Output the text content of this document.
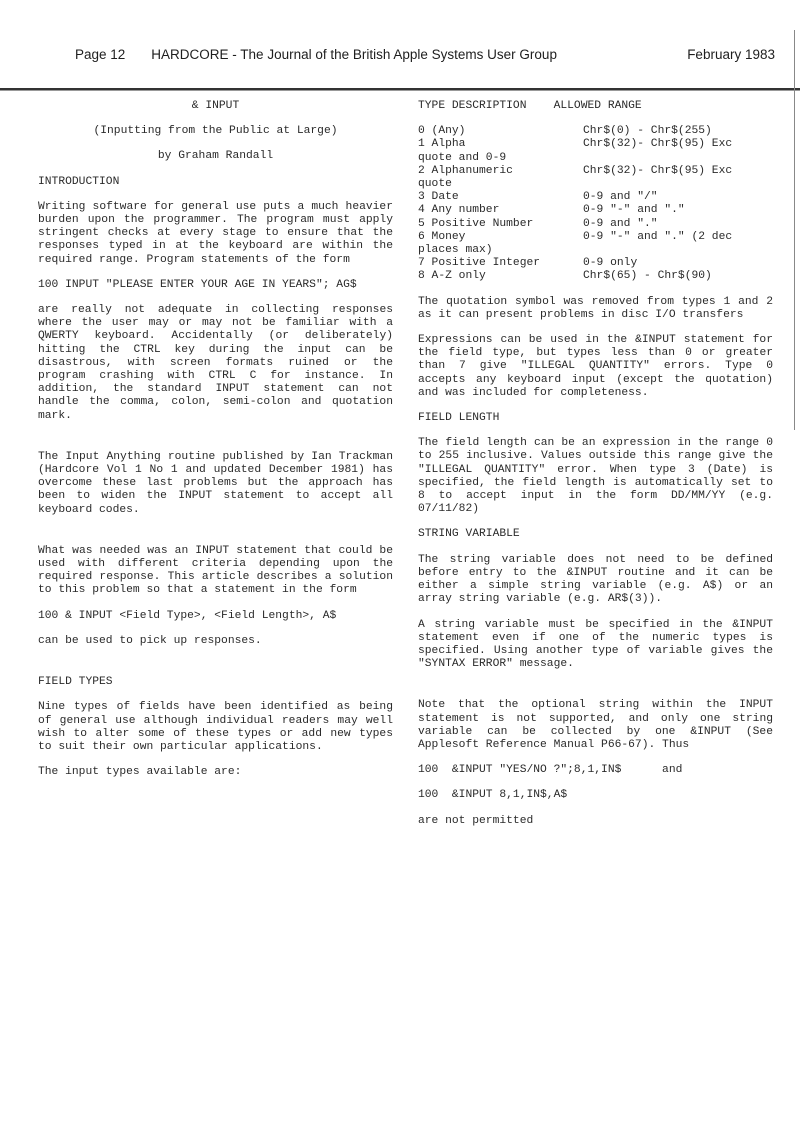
Page 12 HARDCORE - The Journal of the British Apple Systems User Group	February 1983
& INPUT
(Inputting from the Public at Large)
by Graham Randall
INTRODUCTION

Writing software for general use puts a much heavier burden upon the programmer. The program must apply stringent checks at every stage to ensure that the responses typed in at the keyboard are within the required range. Program statements of the form

100 INPUT "PLEASE ENTER YOUR AGE IN YEARS"; AG$

are really not adequate in collecting responses where the user may or may not be familiar with a QWERTY keyboard. Accidentally (or deliberately) hitting the CTRL key during the input can be disastrous, with screen formats ruined or the program crashing with CTRL C for instance. In addition, the standard INPUT statement can not handle the comma, colon, semi-colon and quotation mark.

The Input Anything routine published by Ian Trackman (Hardcore Vol 1 No 1 and updated December 1981) has overcome these last problems but the approach has been to widen the INPUT statement to accept all keyboard codes.

What was needed was an INPUT statement that could be used with different criteria depending upon the required response. This article describes a solution to this problem so that a statement in the form

100 & INPUT <Field Type>, <Field Length>, A$

can be used to pick up responses.

FIELD TYPES

Nine types of fields have been identified as being of general use although individual readers may well wish to alter some of these types or add new types to suit their own particular applications.

The input types available are:

TYPE DESCRIPTION    ALLOWED RANGE
0 (Any)	Chr$(0) - Chr$(255)
1 Alpha	Chr$(32)- Chr$(95) Exc
quote and 0-9	
2 Alphanumeric	Chr$(32)- Chr$(95) Exc
quote	
3 Date	0-9 and "/"
4 Any number	0-9 "-" and "."
5 Positive Number	0-9 and "."
6 Money	0-9 "-" and "." (2 dec
places max)	
7 Positive Integer	0-9 only
8 A-Z only	Chr$(65) - Chr$(90)

The quotation symbol was removed from types 1 and 2 as it can present problems in disc I/O transfers

Expressions can be used in the &INPUT statement for the field type, but types less than 0 or greater than 7 give "ILLEGAL QUANTITY" errors. Type 0 accepts any keyboard input (except the quotation) and was included for completeness.

FIELD LENGTH

The field length can be an expression in the range 0 to 255 inclusive. Values outside this range give the "ILLEGAL QUANTITY" error. When type 3 (Date) is specified, the field length is automatically set to 8 to accept input in the form DD/MM/YY (e.g. 07/11/82)

STRING VARIABLE

The string variable does not need to be defined before entry to the &INPUT routine and it can be either a simple string variable (e.g. A$) or an array string variable (e.g. AR$(3)).

A string variable must be specified in the &INPUT statement even if one of the numeric types is specified. Using another type of variable gives the "SYNTAX ERROR" message.

Note that the optional string within the INPUT statement is not supported, and only one string variable can be collected by one &INPUT (See Applesoft Reference Manual P66-67). Thus

100  &INPUT "YES/NO ?";8,1,IN$      and

100  &INPUT 8,1,IN$,A$

are not permitted
